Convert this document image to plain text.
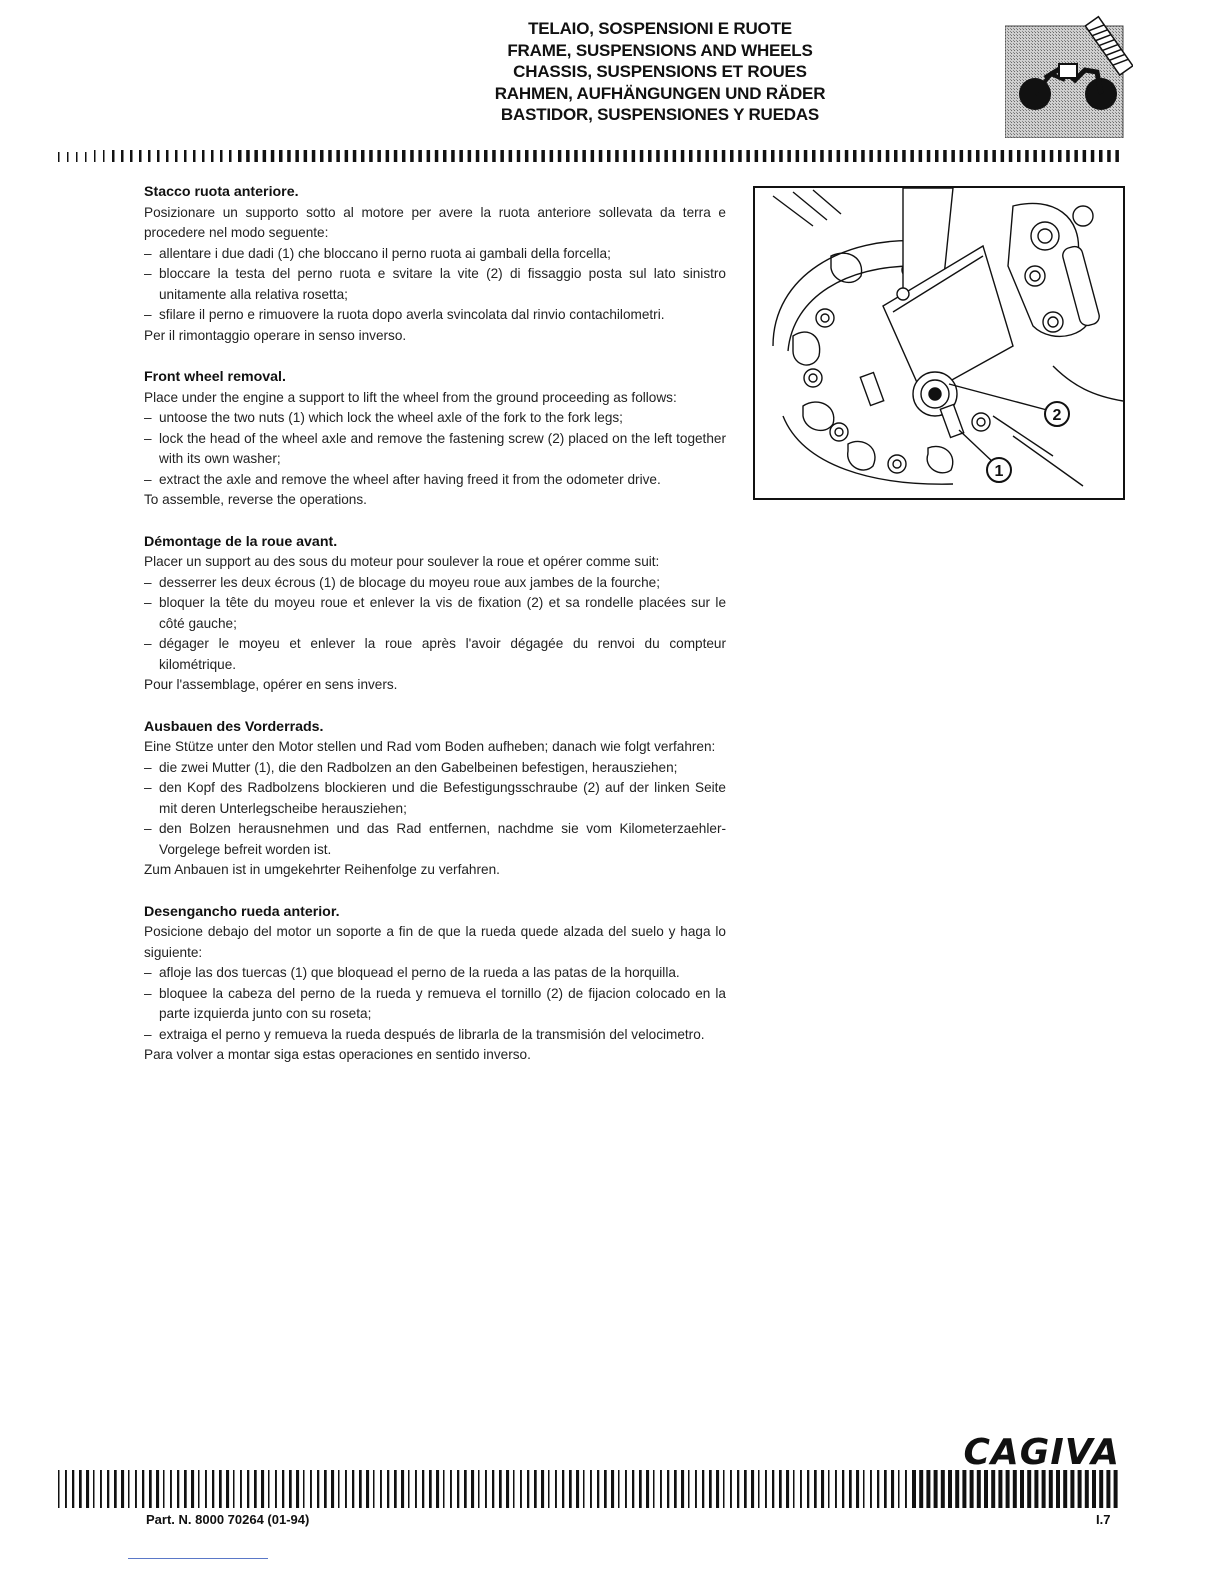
TELAIO, SOSPENSIONI E RUOTE
FRAME, SUSPENSIONS AND WHEELS
CHASSIS, SUSPENSIONS ET ROUES
RAHMEN, AUFHÄNGUNGEN UND RÄDER
BASTIDOR, SUSPENSIONES Y RUEDAS
Stacco ruota anteriore.

Posizionare un supporto sotto al motore per avere la ruota anteriore sollevata da terra e procedere nel modo seguente:

– allentare i due dadi (1) che bloccano il perno ruota ai gambali della forcella;
– bloccare la testa del perno ruota e svitare la vite (2) di fissaggio posta sul lato sinistro unitamente alla relativa rosetta;
– sfilare il perno e rimuovere la ruota dopo averla svincolata dal rinvio contachilometri.

Per il rimontaggio operare in senso inverso.

Front wheel removal.

Place under the engine a support to lift the wheel from the ground proceeding as follows:

– untoose the two nuts (1) which lock the wheel axle of the fork to the fork legs;
– lock the head of the wheel axle and remove the fastening screw (2) placed on the left together with its own washer;
– extract the axle and remove the wheel after having freed it from the odometer drive.

To assemble, reverse the operations.

Démontage de la roue avant.

Placer un support au des sous du moteur pour soulever la roue et opérer comme suit:

– desserrer les deux écrous (1) de blocage du moyeu roue aux jambes de la fourche;
– bloquer la tête du moyeu roue et enlever la vis de fixation (2) et sa rondelle placées sur le côté gauche;
– dégager le moyeu et enlever la roue après l'avoir dégagée du renvoi du compteur kilométrique.

Pour l'assemblage, opérer en sens invers.

Ausbauen des Vorderrads.

Eine Stütze unter den Motor stellen und Rad vom Boden aufheben; danach wie folgt verfahren:

– die zwei Mutter (1), die den Radbolzen an den Gabelbeinen befestigen, herausziehen;
– den Kopf des Radbolzens blockieren und die Befestigungsschraube (2) auf der linken Seite mit deren Unterlegscheibe herausziehen;
– den Bolzen herausnehmen und das Rad entfernen, nachdme sie vom Kilometerzaehler-Vorgelege befreit worden ist.

Zum Anbauen ist in umgekehrter Reihenfolge zu verfahren.

Desenganchо rueda anterior.

Posicione debajo del motor un soporte a fin de que la rueda quede alzada del suelo y haga lo siguiente:

– afloje las dos tuercas (1) que bloquead el perno de la rueda a las patas de la horquilla.
– bloquee la cabeza del perno de la rueda y remueva el tornillo (2) de fijacion colocado en la parte izquierda junto con su roseta;
– extraiga el perno y remueva la rueda después de librarla de la transmisión del velocimetro.

Para volver a montar siga estas operaciones en sentido inverso.

2
1
CAGIVA
Part. N. 8000 70264 (01-94)	I.7
